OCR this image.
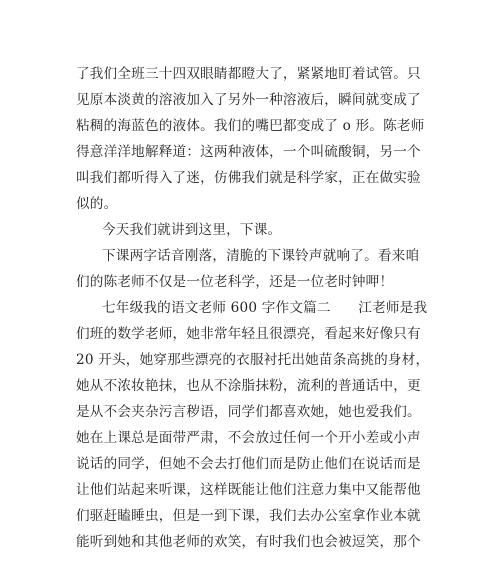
了我们全班三十四双眼睛都瞪大了，紧紧地盯着试管。只
见原本淡黄的溶液加入了另外一种溶液后，瞬间就变成了
粘稠的海蓝色的液体。我们的嘴巴都变成了 o 形。陈老师
得意洋洋地解释道：这两种液体，一个叫硫酸铜，另一个
叫我们都听得入了迷，仿佛我们就是科学家，正在做实验
似的。
今天我们就讲到这里，下课。
下课两字话音刚落，清脆的下课铃声就响了。看来咱
们的陈老师不仅是一位老科学，还是一位老时钟呷！
七年级我的语文老师 600 字作文篇二　　江老师是我
们班的数学老师，她非常年轻且很漂亮，看起来好像只有
20 开头，她穿那些漂亮的衣服衬托出她苗条高挑的身材，
她从不浓妆艳抹，也从不涂脂抹粉，流利的普通话中，更
是从不会夹杂污言秽语，同学们都喜欢她，她也爱我们。
她在上课总是面带严肃，不会放过任何一个开小差或小声
说话的同学，但她不会去打他们而是防止他们在说话而是
让他们站起来听课，这样既能让他们注意力集中又能帮他
们驱赶瞌睡虫，但是一到下课，我们去办公室拿作业本就
能听到她和其他老师的欢笑，有时我们也会被逗笑，那个
